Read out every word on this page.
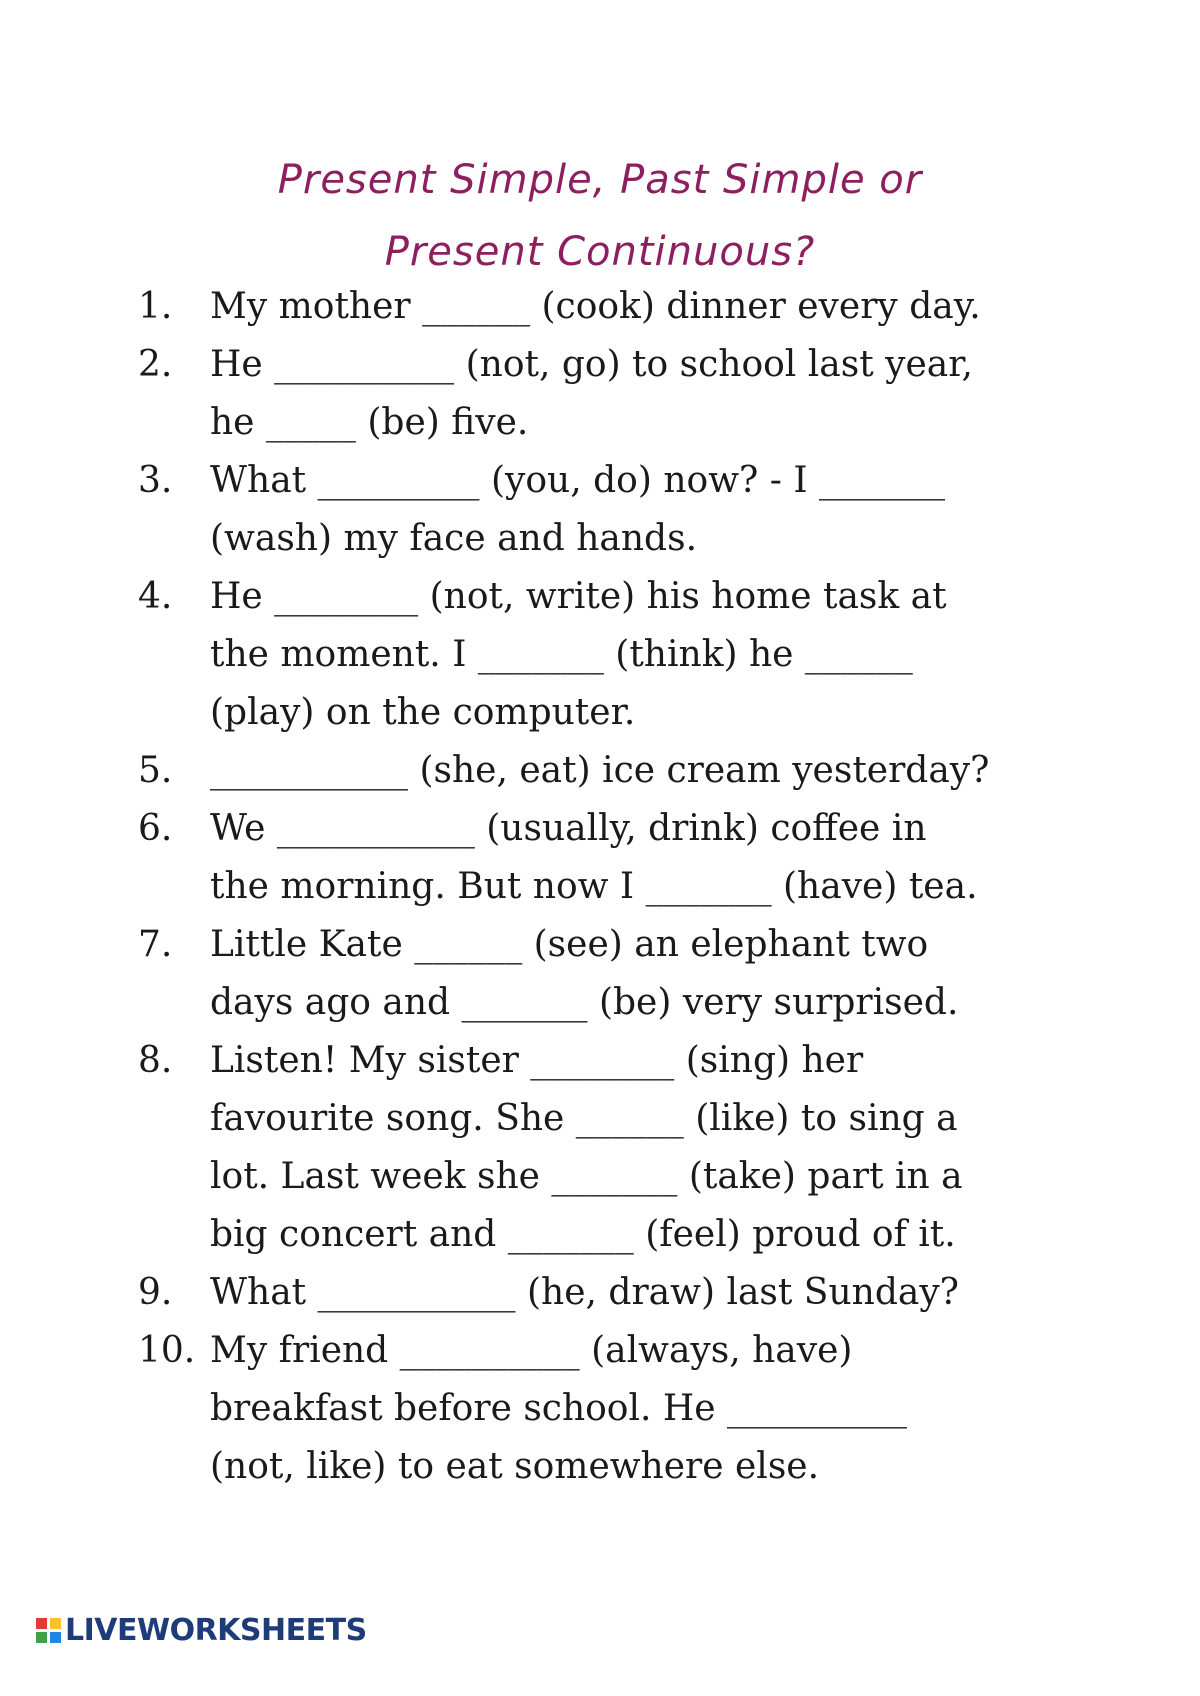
Present Simple, Past Simple or
Present Continuous?
1.	My mother ______ (cook) dinner every day.
2.	He __________ (not, go) to school last year,
he _____ (be) five.
3.	What _________ (you, do) now? - I _______
(wash) my face and hands.
4.	He ________ (not, write) his home task at
the moment. I _______ (think) he ______
(play) on the computer.
5.	___________ (she, eat) ice cream yesterday?
6.	We ___________ (usually, drink) coffee in
the morning. But now I _______ (have) tea.
7.	Little Kate ______ (see) an elephant two
days ago and _______ (be) very surprised.
8.	Listen! My sister ________ (sing) her
favourite song. She ______ (like) to sing a
lot. Last week she _______ (take) part in a
big concert and _______ (feel) proud of it.
9.	What ___________ (he, draw) last Sunday?
10. My friend __________ (always, have)
breakfast before school. He __________
(not, like) to eat somewhere else.
LIVEWORKSHEETS
